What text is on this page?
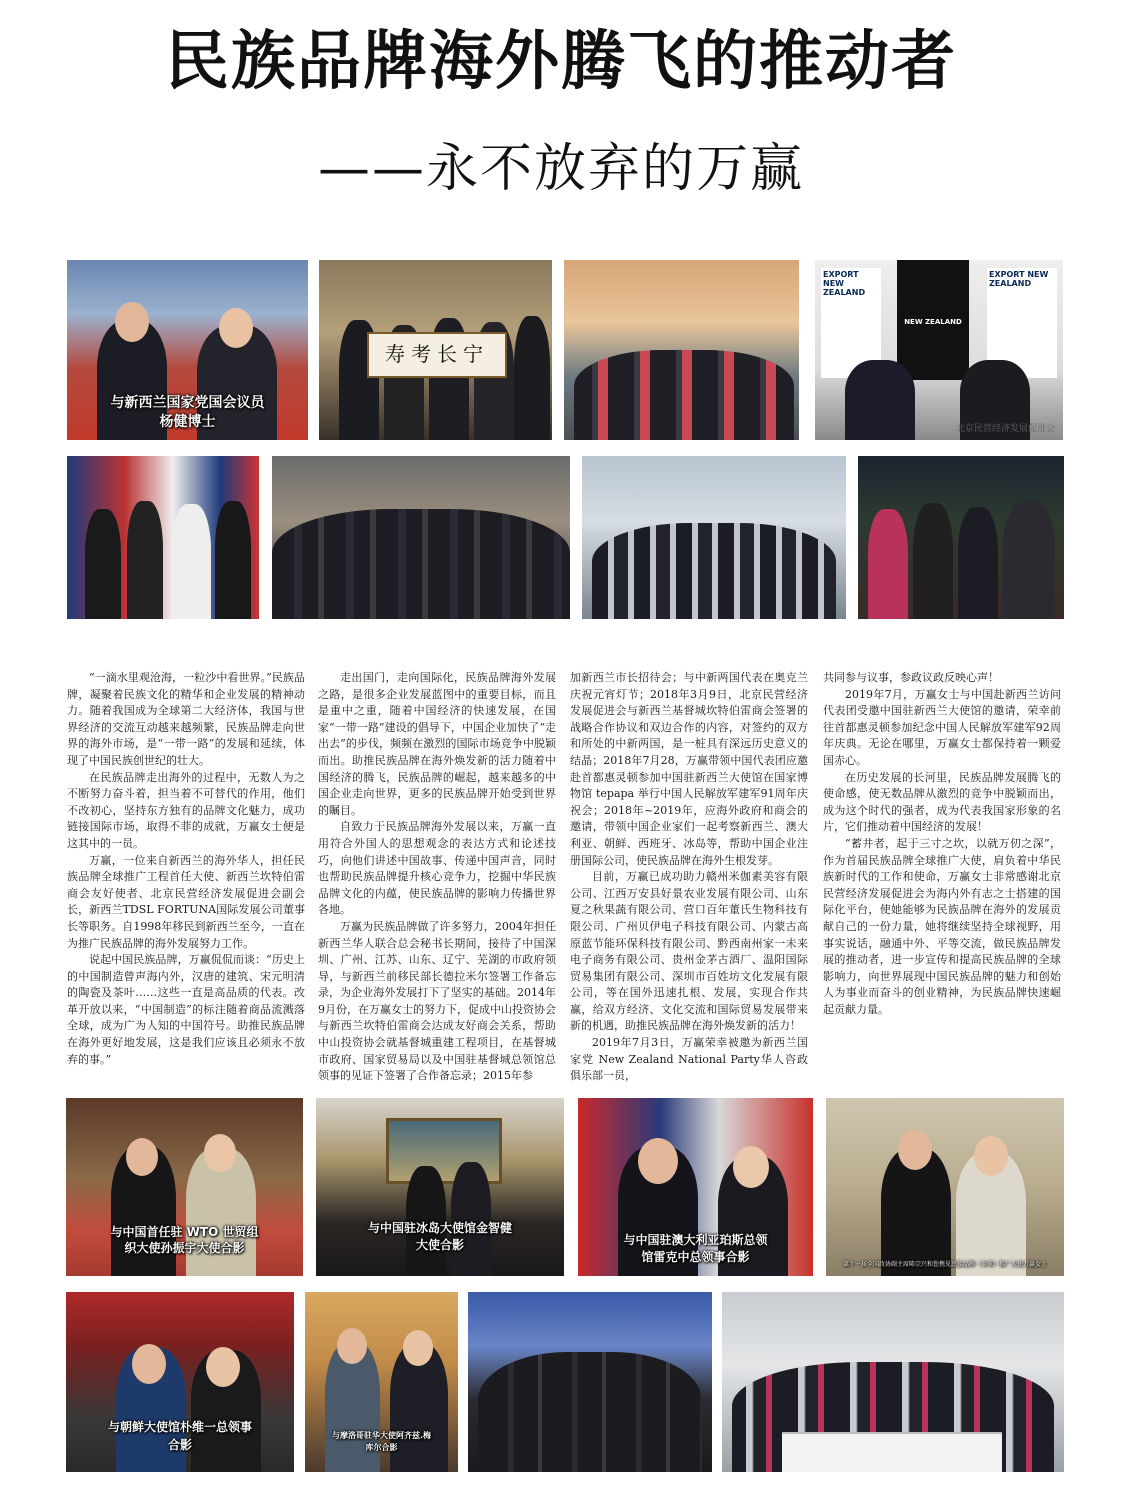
民族品牌海外腾飞的推动者
——永不放弃的万赢
与新西兰国家党国会议员
杨健博士
寿考长宁
EXPORT NEW ZEALAND
NEW ZEALAND
EXPORT NEW ZEALAND
北京民营经济发展促进会

“一滴水里观沧海，一粒沙中看世界。”民族品牌，凝聚着民族文化的精华和企业发展的精神动力。随着我国成为全球第二大经济体，我国与世界经济的交流互动越来越频繁，民族品牌走向世界的海外市场，是“一带一路”的发展和延续，体现了中国民族创世纪的壮大。

在民族品牌走出海外的过程中，无数人为之不断努力奋斗着，担当着不可替代的作用，他们不改初心，坚持东方独有的品牌文化魅力，成功链接国际市场，取得不菲的成就，万赢女士便是这其中的一员。

万赢，一位来自新西兰的海外华人，担任民族品牌全球推广工程首任大使、新西兰坎特伯雷商会友好使者、北京民营经济发展促进会副会长，新西兰TDSL FORTUNA国际发展公司董事长等职务。自1998年移民到新西兰至今，一直在为推广民族品牌的海外发展努力工作。

说起中国民族品牌，万赢侃侃而谈：“历史上的中国制造曾声海内外，汉唐的建筑、宋元明清的陶瓷及茶叶……这些一直是高品质的代表。改革开放以来，“中国制造”的标注随着商品流溅落全球，成为广为人知的中国符号。助推民族品牌在海外更好地发展，这是我们应该且必须永不放弃的事。”

走出国门，走向国际化，民族品牌海外发展之路，是很多企业发展蓝图中的重要目标，而且是重中之重，随着中国经济的快速发展，在国家“一带一路”建设的倡导下，中国企业加快了“走出去”的步伐，频频在激烈的国际市场竞争中脱颖而出。助推民族品牌在海外焕发新的活力随着中国经济的腾飞，民族品牌的崛起，越来越多的中国企业走向世界，更多的民族品牌开始受到世界的瞩目。

自致力于民族品牌海外发展以来，万赢一直用符合外国人的思想观念的表达方式和论述技巧，向他们讲述中国故事、传递中国声音，同时也帮助民族品牌提升核心竞争力，挖掘中华民族品牌文化的内蕴，使民族品牌的影响力传播世界各地。

万赢为民族品牌做了许多努力，2004年担任新西兰华人联合总会秘书长期间，接待了中国深圳、广州、江苏、山东、辽宁、芜湖的市政府领导，与新西兰前移民部长德拉米尔签署工作备忘录，为企业海外发展打下了坚实的基础。2014年9月份，在万赢女士的努力下，促成中山投资协会与新西兰坎特伯雷商会达成友好商会关系，帮助中山投资协会就基督城重建工程项目，在基督城市政府、国家贸易局以及中国驻基督城总领馆总领事的见证下签署了合作备忘录；2015年参

加新西兰市长招待会；与中新两国代表在奥克兰庆祝元宵灯节；2018年3月9日，北京民营经济发展促进会与新西兰基督城坎特伯雷商会签署的战略合作协议和双边合作的内容，对签约的双方和所处的中新两国，是一桩具有深远历史意义的结晶；2018年7月28，万赢带领中国代表团应邀赴首都惠灵顿参加中国驻新西兰大使馆在国家博物馆 tepapa 举行中国人民解放军建军91周年庆祝会；2018年~2019年，应海外政府和商会的邀请，带领中国企业家们一起考察新西兰、澳大利亚、朝鲜、西班牙、冰岛等，帮助中国企业注册国际公司，使民族品牌在海外生根发芽。

目前，万赢已成功助力赣州米伽素美容有限公司、江西万安县好景农业发展有限公司、山东夏之秋果蔬有限公司、营口百年董氏生物科技有限公司、广州贝伊电子科技有限公司、内蒙古高原蓝节能环保科技有限公司、黔西南州家一未来电子商务有限公司、贵州金茅古酒厂、温阳国际贸易集团有限公司、深圳市百姓坊文化发展有限公司，等在国外迅速扎根、发展，实现合作共赢，给双方经济、文化交流和国际贸易发展带来新的机遇，助推民族品牌在海外焕发新的活力！

2019年7月3日，万赢荣幸被邀为新西兰国家党 New Zealand National Party华人咨政俱乐部一员，

共同参与议事，参政议政反映心声！

2019年7月，万赢女士与中国赴新西兰访问代表团受邀中国驻新西兰大使馆的邀请，荣幸前往首都惠灵顿参加纪念中国人民解放军建军92周年庆典。无论在哪里，万赢女士都保持着一颗爱国赤心。

在历史发展的长河里，民族品牌发展腾飞的使命感，使无数品牌从激烈的竞争中脱颖而出，成为这个时代的强者，成为代表我国家形象的名片，它们推动着中国经济的发展！

“蓄井者，起于三寸之坎，以就万仞之深”，作为首届民族品牌全球推广大使，肩负着中华民族新时代的工作和使命，万赢女士非常感谢北京民营经济发展促进会为海内外有志之士搭建的国际化平台，使她能够为民族品牌在海外的发展贡献自己的一份力量，她将继续坚持全球视野，用事实说话，融通中外、平等交流，做民族品牌发展的推动者，进一步宣传和提高民族品牌的全球影响力，向世界展现中国民族品牌的魅力和创始人为事业而奋斗的创业精神，为民族品牌快速崛起贡献力量。

与中国首任驻 WTO 世贸组
织大使孙振宇大使合影
与中国驻冰岛大使馆金智健
大使合影	与中国驻澳大利亚珀斯总领
馆雷克中总领事合影
第十一届全国政协副主席陈宗兴和您携见民族品牌（全球）推广大使万赢女士
与朝鲜大使馆朴维一总领事
合影
与摩洛哥驻华大使阿齐兹.梅
库尔合影
